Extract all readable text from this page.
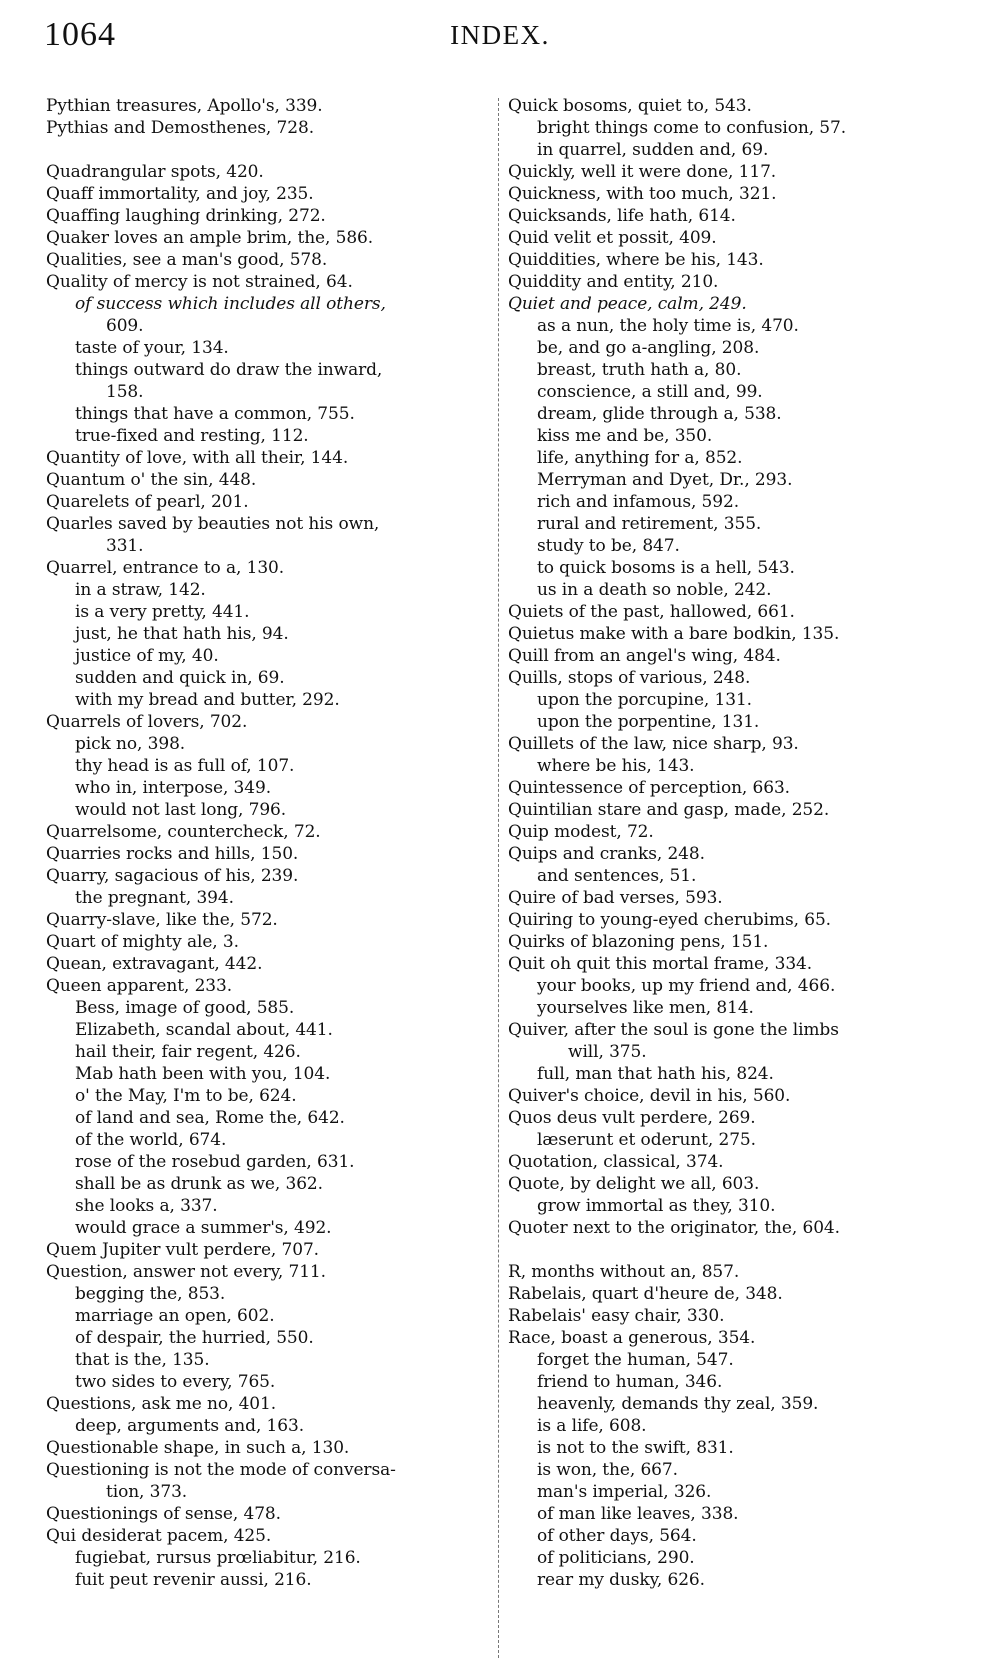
1064	INDEX.
Pythian treasures, Apollo's, 339.
Pythias and Demosthenes, 728.
Quadrangular spots, 420.
Quaff immortality, and joy, 235.
Quaffing laughing drinking, 272.
Quaker loves an ample brim, the, 586.
Qualities, see a man's good, 578.
Quality of mercy is not strained, 64.
of success which includes all others,
609.
taste of your, 134.
things outward do draw the inward,
158.
things that have a common, 755.
true-fixed and resting, 112.
Quantity of love, with all their, 144.
Quantum o' the sin, 448.
Quarelets of pearl, 201.
Quarles saved by beauties not his own,
331.
Quarrel, entrance to a, 130.
in a straw, 142.
is a very pretty, 441.
just, he that hath his, 94.
justice of my, 40.
sudden and quick in, 69.
with my bread and butter, 292.
Quarrels of lovers, 702.
pick no, 398.
thy head is as full of, 107.
who in, interpose, 349.
would not last long, 796.
Quarrelsome, countercheck, 72.
Quarries rocks and hills, 150.
Quarry, sagacious of his, 239.
the pregnant, 394.
Quarry-slave, like the, 572.
Quart of mighty ale, 3.
Quean, extravagant, 442.
Queen apparent, 233.
Bess, image of good, 585.
Elizabeth, scandal about, 441.
hail their, fair regent, 426.
Mab hath been with you, 104.
o' the May, I'm to be, 624.
of land and sea, Rome the, 642.
of the world, 674.
rose of the rosebud garden, 631.
shall be as drunk as we, 362.
she looks a, 337.
would grace a summer's, 492.
Quem Jupiter vult perdere, 707.
Question, answer not every, 711.
begging the, 853.
marriage an open, 602.
of despair, the hurried, 550.
that is the, 135.
two sides to every, 765.
Questions, ask me no, 401.
deep, arguments and, 163.
Questionable shape, in such a, 130.
Questioning is not the mode of conversa-
tion, 373.
Questionings of sense, 478.
Qui desiderat pacem, 425.
fugiebat, rursus prœliabitur, 216.
fuit peut revenir aussi, 216.
Quick bosoms, quiet to, 543.
bright things come to confusion, 57.
in quarrel, sudden and, 69.
Quickly, well it were done, 117.
Quickness, with too much, 321.
Quicksands, life hath, 614.
Quid velit et possit, 409.
Quiddities, where be his, 143.
Quiddity and entity, 210.
Quiet and peace, calm, 249.
as a nun, the holy time is, 470.
be, and go a-angling, 208.
breast, truth hath a, 80.
conscience, a still and, 99.
dream, glide through a, 538.
kiss me and be, 350.
life, anything for a, 852.
Merryman and Dyet, Dr., 293.
rich and infamous, 592.
rural and retirement, 355.
study to be, 847.
to quick bosoms is a hell, 543.
us in a death so noble, 242.
Quiets of the past, hallowed, 661.
Quietus make with a bare bodkin, 135.
Quill from an angel's wing, 484.
Quills, stops of various, 248.
upon the porcupine, 131.
upon the porpentine, 131.
Quillets of the law, nice sharp, 93.
where be his, 143.
Quintessence of perception, 663.
Quintilian stare and gasp, made, 252.
Quip modest, 72.
Quips and cranks, 248.
and sentences, 51.
Quire of bad verses, 593.
Quiring to young-eyed cherubims, 65.
Quirks of blazoning pens, 151.
Quit oh quit this mortal frame, 334.
your books, up my friend and, 466.
yourselves like men, 814.
Quiver, after the soul is gone the limbs
will, 375.
full, man that hath his, 824.
Quiver's choice, devil in his, 560.
Quos deus vult perdere, 269.
læserunt et oderunt, 275.
Quotation, classical, 374.
Quote, by delight we all, 603.
grow immortal as they, 310.
Quoter next to the originator, the, 604.
R, months without an, 857.
Rabelais, quart d'heure de, 348.
Rabelais' easy chair, 330.
Race, boast a generous, 354.
forget the human, 547.
friend to human, 346.
heavenly, demands thy zeal, 359.
is a life, 608.
is not to the swift, 831.
is won, the, 667.
man's imperial, 326.
of man like leaves, 338.
of other days, 564.
of politicians, 290.
rear my dusky, 626.
